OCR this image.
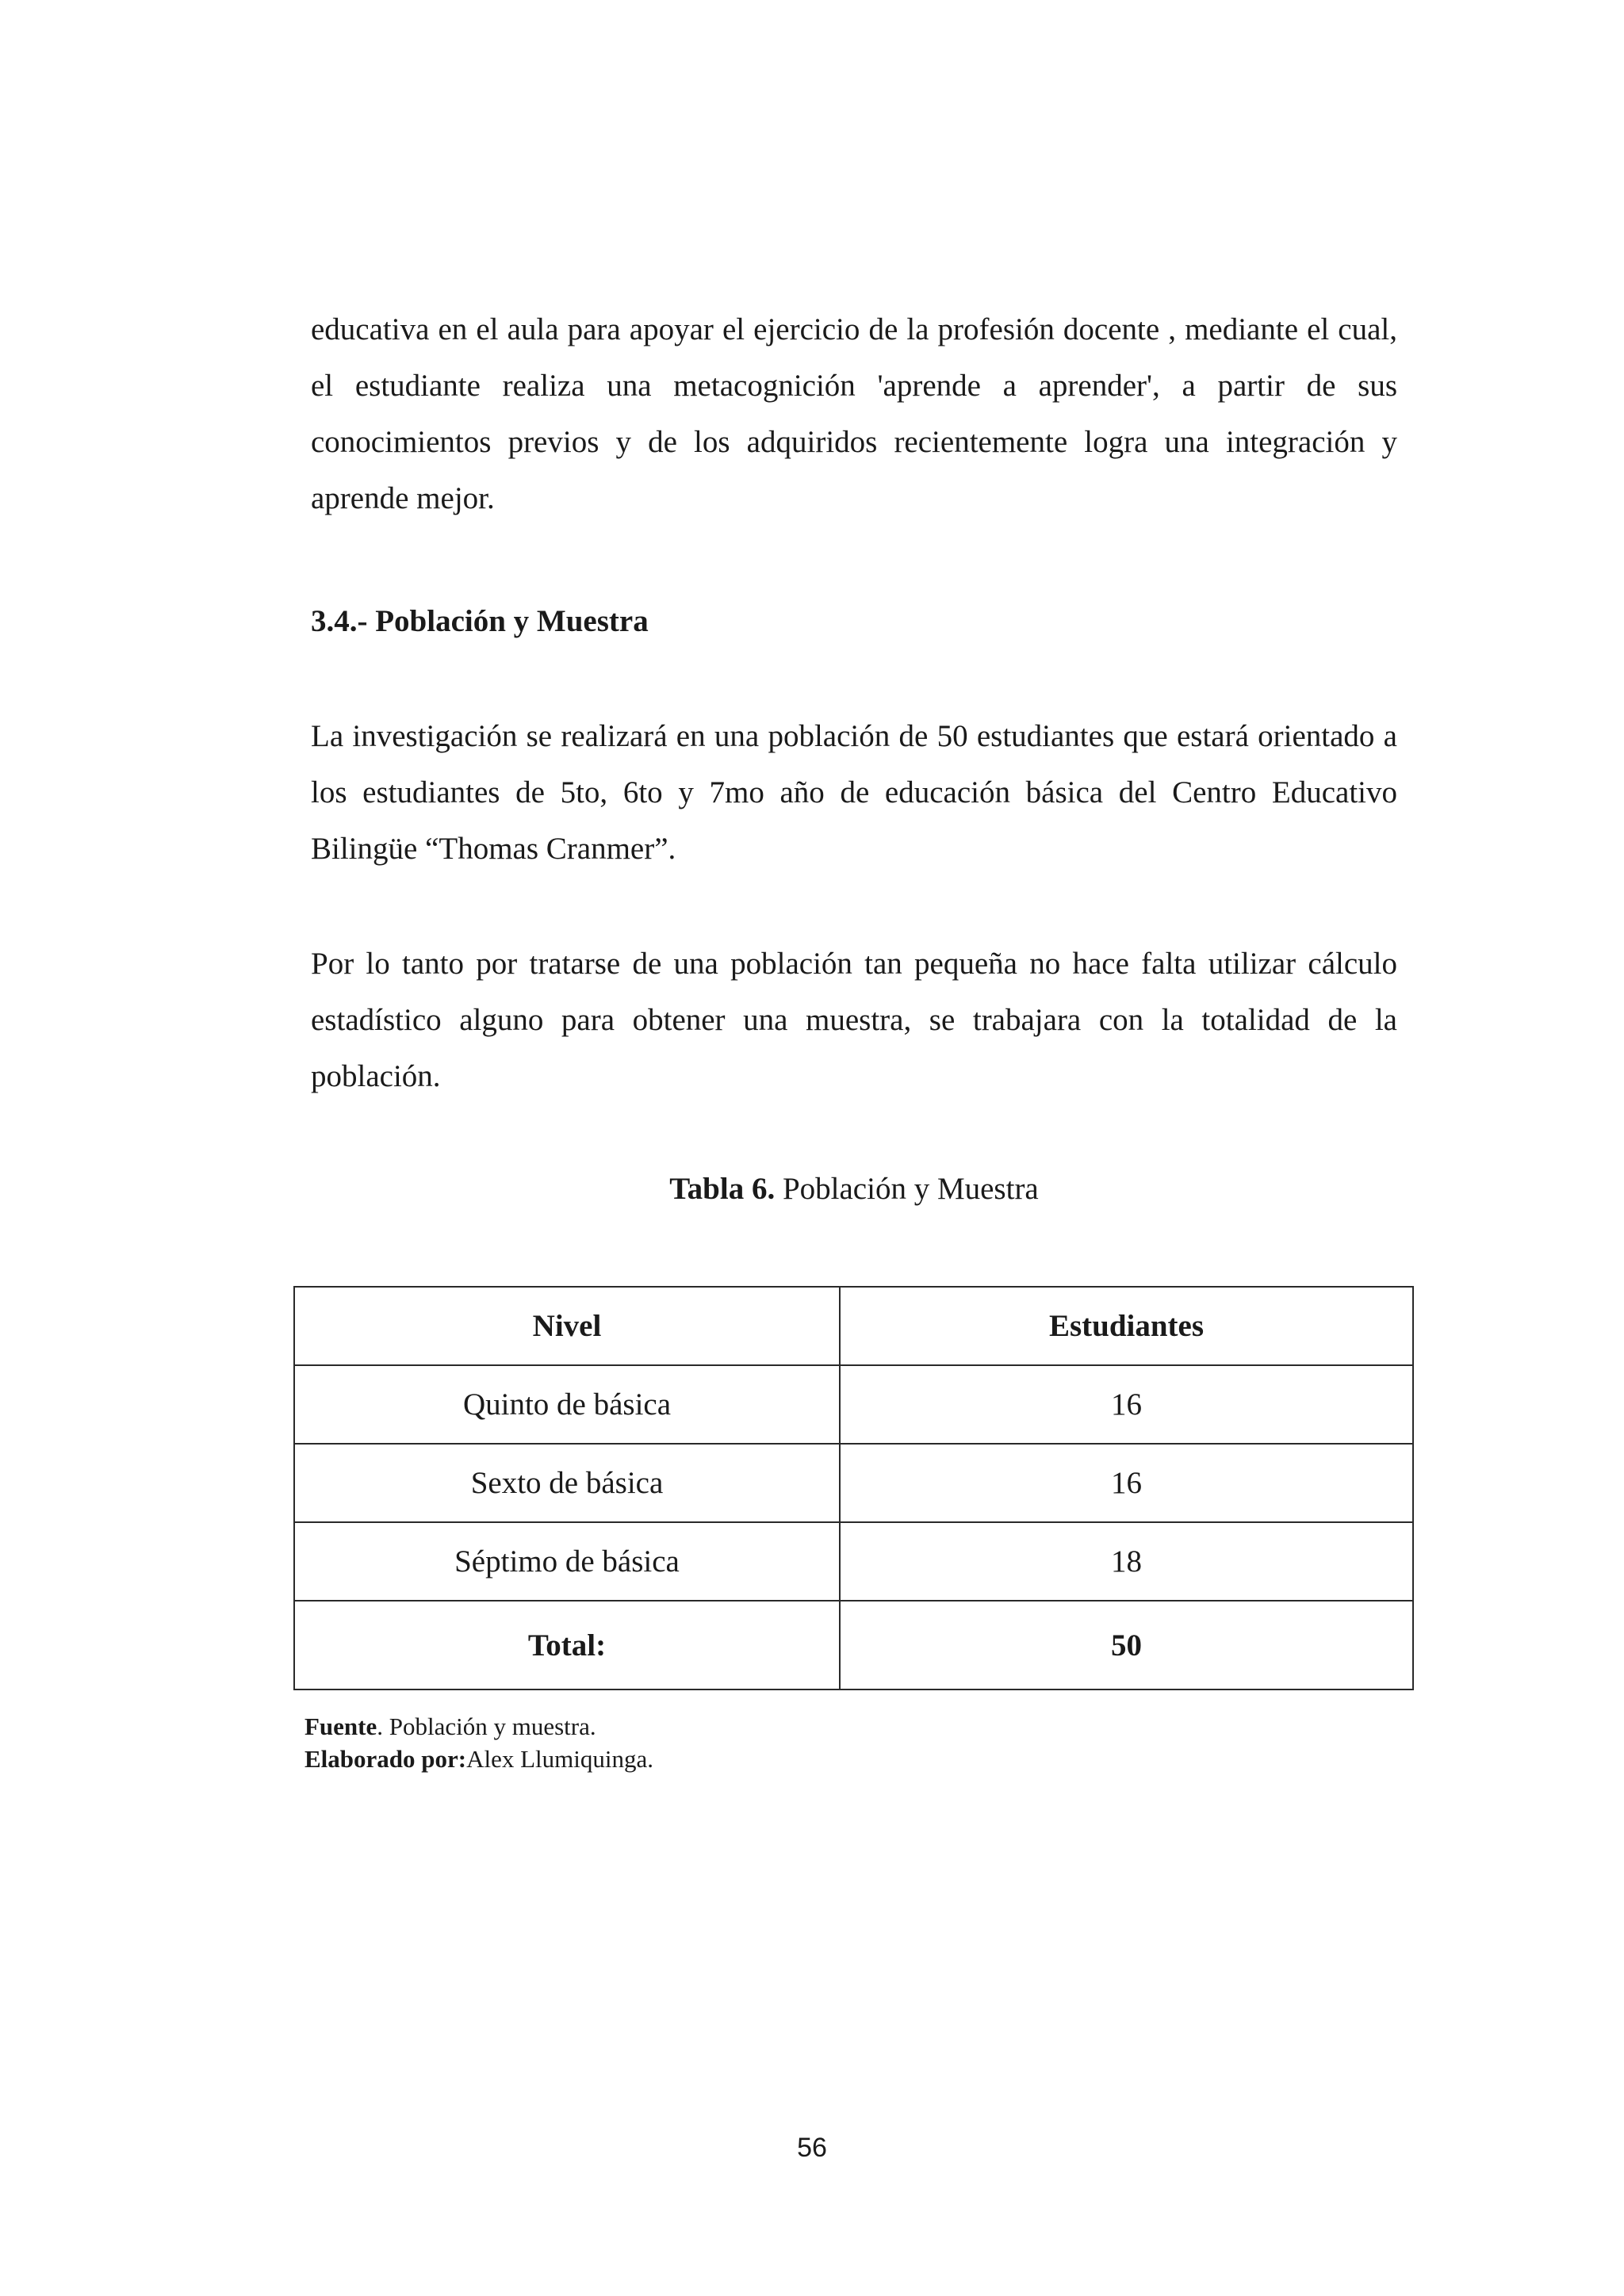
educativa en el aula para apoyar el ejercicio de la profesión docente , mediante el cual, el estudiante realiza una metacognición 'aprende a aprender', a partir de sus conocimientos previos y de los adquiridos recientemente logra una integración y aprende mejor.

3.4.- Población y Muestra

La investigación se realizará en una población de 50 estudiantes que estará orientado a los estudiantes de 5to, 6to y 7mo año de educación básica del Centro Educativo Bilingüe “Thomas Cranmer”.

Por lo tanto por tratarse de una población tan pequeña no hace falta utilizar cálculo estadístico alguno para obtener una muestra, se trabajara con la totalidad de la población.

Tabla 6. Población y Muestra

Nivel	Estudiantes
Quinto de básica	16
Sexto de básica	16
Séptimo de básica	18
Total:	50
Fuente. Población y muestra.
Elaborado por:Alex Llumiquinga.
56
